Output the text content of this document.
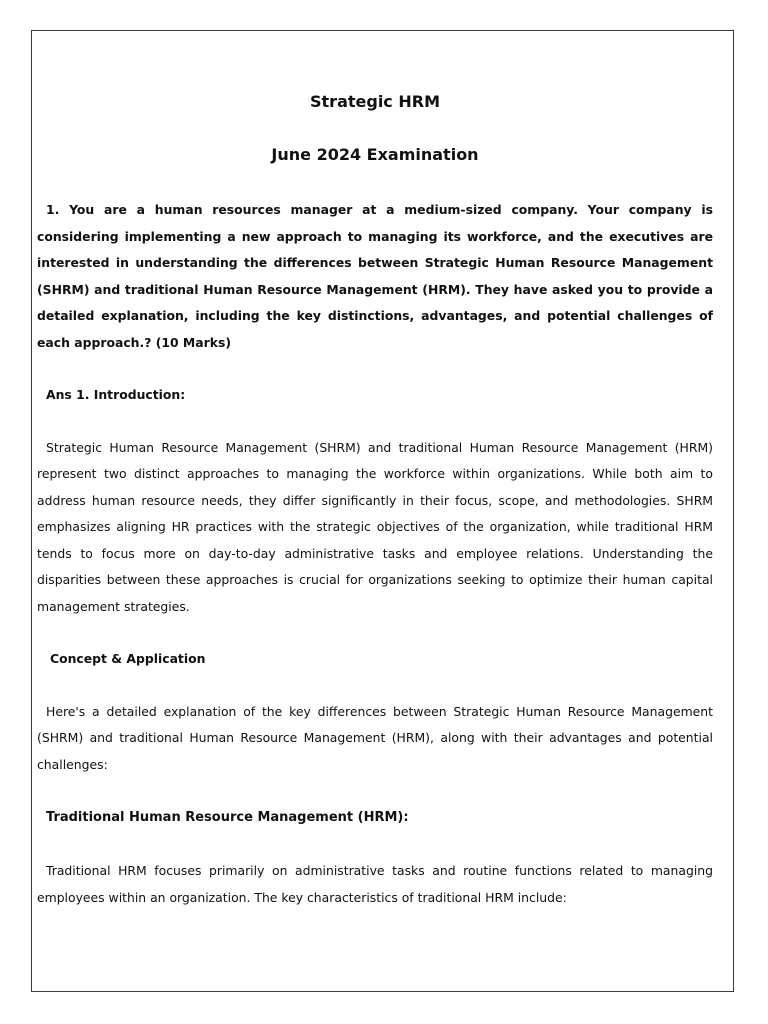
Strategic HRM
June 2024 Examination

1. You are a human resources manager at a medium-sized company. Your company is considering implementing a new approach to managing its workforce, and the executives are interested in understanding the differences between Strategic Human Resource Management (SHRM) and traditional Human Resource Management (HRM). They have asked you to provide a detailed explanation, including the key distinctions, advantages, and potential challenges of each approach.? (10 Marks)

Ans 1. Introduction:

Strategic Human Resource Management (SHRM) and traditional Human Resource Management (HRM) represent two distinct approaches to managing the workforce within organizations. While both aim to address human resource needs, they differ significantly in their focus, scope, and methodologies. SHRM emphasizes aligning HR practices with the strategic objectives of the organization, while traditional HRM tends to focus more on day-to-day administrative tasks and employee relations. Understanding the disparities between these approaches is crucial for organizations seeking to optimize their human capital management strategies.

Concept & Application

Here's a detailed explanation of the key differences between Strategic Human Resource Management (SHRM) and traditional Human Resource Management (HRM), along with their advantages and potential challenges:

Traditional Human Resource Management (HRM):

Traditional HRM focuses primarily on administrative tasks and routine functions related to managing employees within an organization. The key characteristics of traditional HRM include:
